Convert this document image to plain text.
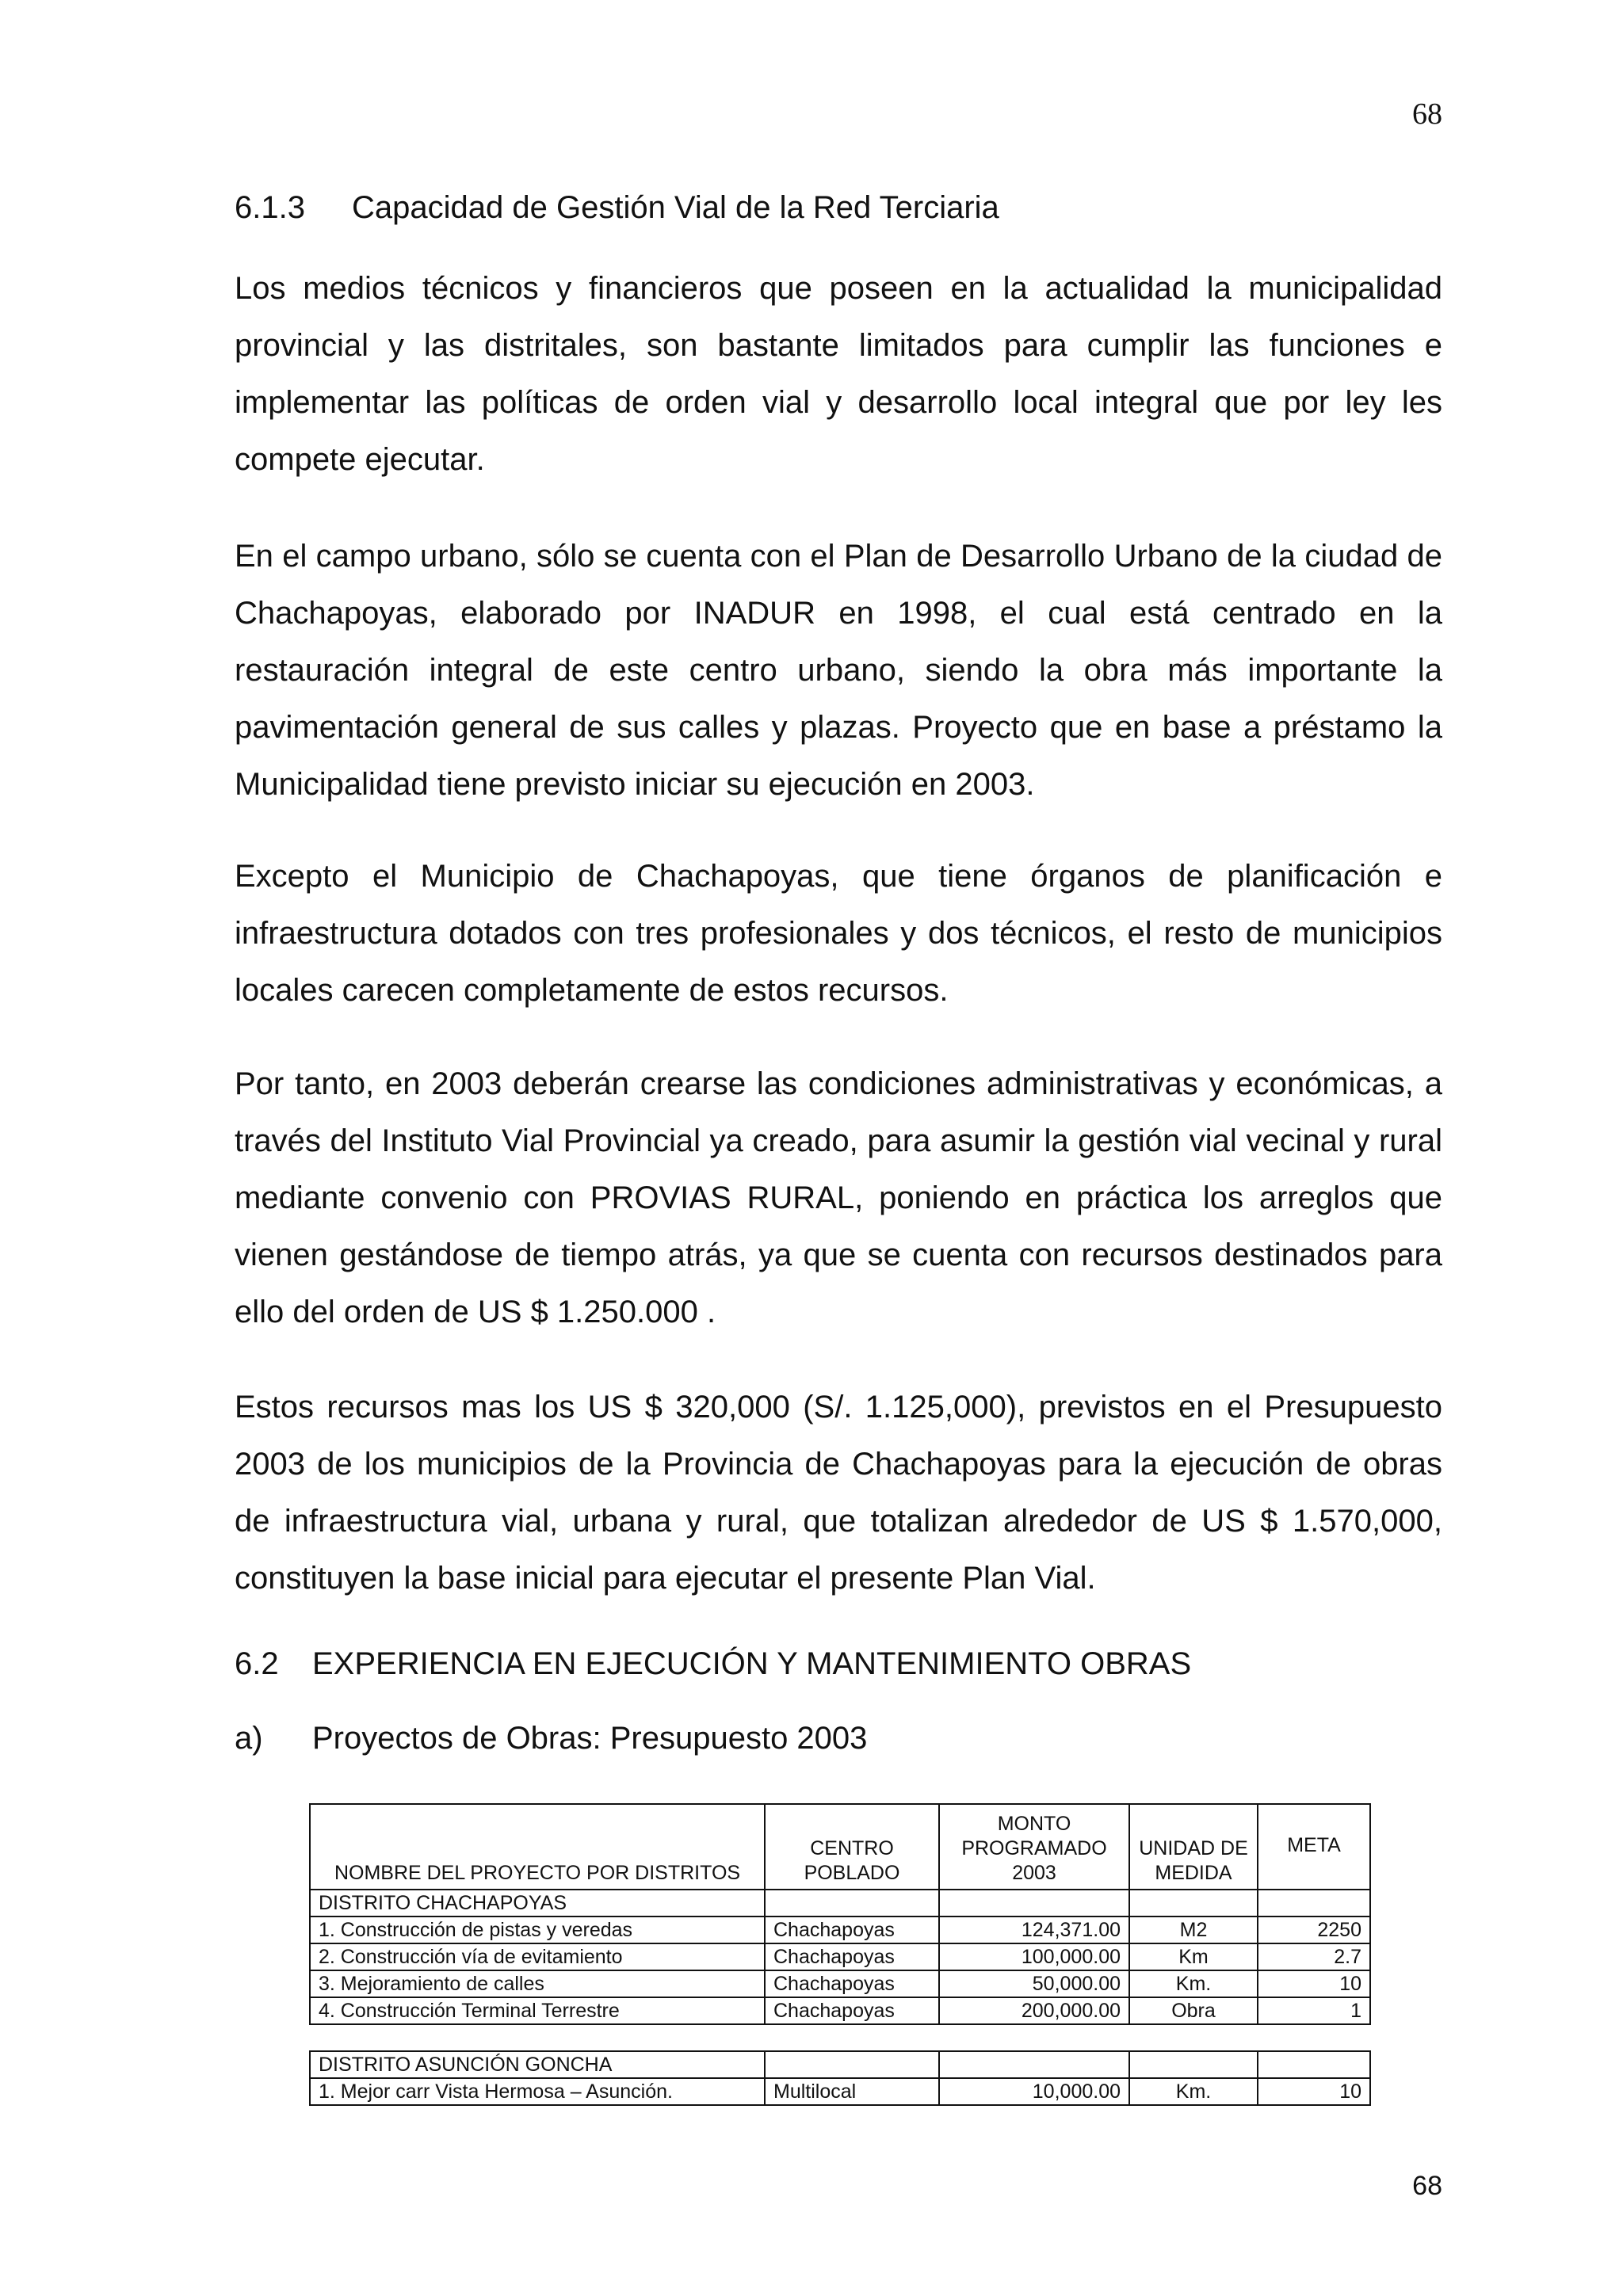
68
6.1.3	Capacidad de Gestión Vial de la Red Terciaria

Los medios técnicos y financieros que poseen en la actualidad la municipalidad provincial y las distritales, son bastante limitados para cumplir las funciones e implementar las políticas de orden vial y desarrollo local integral que por ley les compete ejecutar.

En el campo urbano, sólo se cuenta con el Plan de Desarrollo Urbano de la ciudad de Chachapoyas, elaborado por INADUR en 1998, el cual está centrado en la restauración integral de este centro urbano, siendo la obra más importante la pavimentación general de sus calles y plazas. Proyecto que en base a préstamo la Municipalidad tiene previsto iniciar su ejecución en 2003.

Excepto el Municipio de Chachapoyas, que tiene órganos de planificación e infraestructura dotados con tres profesionales y dos técnicos, el resto de municipios locales carecen completamente de estos recursos.

Por tanto, en 2003 deberán crearse las condiciones administrativas y económicas, a través del Instituto Vial Provincial ya creado, para asumir la gestión vial vecinal y rural mediante convenio con PROVIAS RURAL, poniendo en práctica los arreglos que vienen gestándose de tiempo atrás, ya que se cuenta con recursos destinados para ello del orden de US $ 1.250.000 .

Estos recursos mas los US $ 320,000 (S/. 1.125,000), previstos en el Presupuesto 2003 de los municipios de la Provincia de Chachapoyas para la ejecución de obras de infraestructura vial, urbana y rural, que totalizan alrededor de US $ 1.570,000, constituyen la base inicial para ejecutar el presente Plan Vial.

6.2	EXPERIENCIA EN EJECUCIÓN Y MANTENIMIENTO OBRAS
a)	Proyectos de Obras: Presupuesto 2003
NOMBRE DEL PROYECTO POR DISTRITOS	CENTRO POBLADO	MONTO PROGRAMADO 2003	UNIDAD DE MEDIDA	META
DISTRITO CHACHAPOYAS				
1. Construcción de pistas y veredas	Chachapoyas	124,371.00	M2	2250
2. Construcción vía de evitamiento	Chachapoyas	100,000.00	Km	2.7
3. Mejoramiento de calles	Chachapoyas	50,000.00	Km.	10
4. Construcción Terminal Terrestre	Chachapoyas	200,000.00	Obra	1
DISTRITO ASUNCIÓN GONCHA				
1. Mejor carr Vista Hermosa – Asunción.	Multilocal	10,000.00	Km.	10
68
